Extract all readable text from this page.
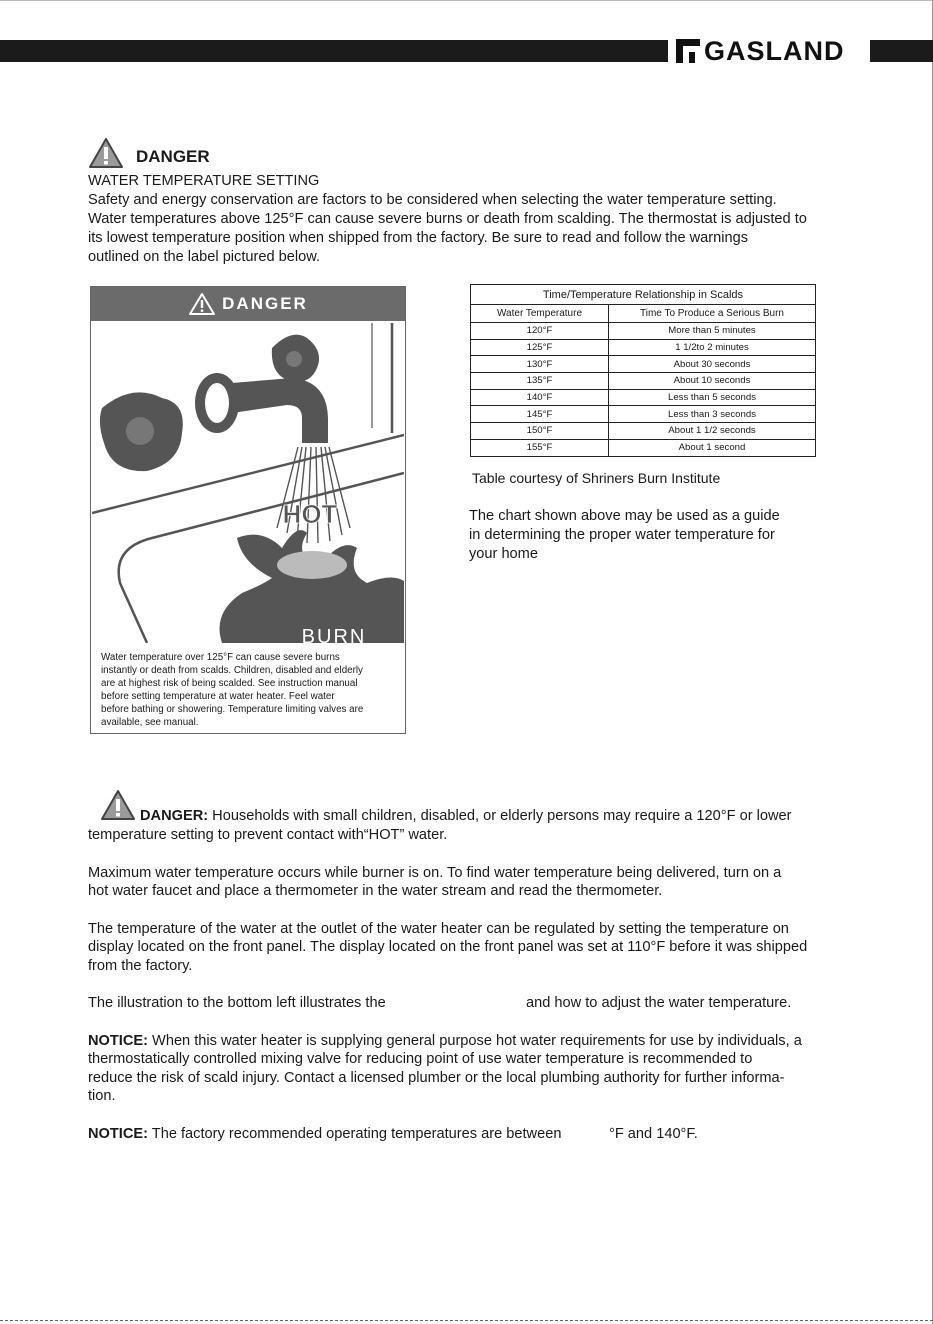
GASLAND
DANGER

WATER TEMPERATURE SETTING

Safety and energy conservation are factors to be considered when selecting the water temperature setting.

Water temperatures above 125°F can cause severe burns or death from scalding. The thermostat is adjusted to

its lowest temperature position when shipped from the factory. Be sure to read and follow the warnings

outlined on the label pictured below.

DANGER
HOT
BURN
Water temperature over 125°F can cause severe burns
instantly or death from scalds. Children, disabled and elderly
are at highest risk of being scalded. See instruction manual
before setting temperature at water heater. Feel water
before bathing or showering. Temperature limiting valves are
available, see manual.
Time/Temperature Relationship in Scalds	
Water Temperature	Time To Produce a Serious Burn
120°F	More than 5 minutes
125°F	1 1/2to 2 minutes
130°F	About 30 seconds
135°F	About 10 seconds
140°F	Less than 5 seconds
145°F	Less than 3 seconds
150°F	About 1 1/2 seconds
155°F	About 1 second
Table courtesy of Shriners Burn Institute
The chart shown above may be used as a guide
in determining the proper water temperature for
your home

DANGER: Households with small children, disabled, or elderly persons may require a 120°F or lower

temperature setting to prevent contact with“HOT” water.

Maximum water temperature occurs while burner is on. To find water temperature being delivered, turn on a

hot water faucet and place a thermometer in the water stream and read the thermometer.

The temperature of the water at the outlet of the water heater can be regulated by setting the temperature on

display located on the front panel. The display located on the front panel was set at 110°F before it was shipped

from the factory.

The illustration to the bottom left illustrates the	and how to adjust the water temperature.

NOTICE: When this water heater is supplying general purpose hot water requirements for use by individuals, a

thermostatically controlled mixing valve for reducing point of use water temperature is recommended to

reduce the risk of scald injury. Contact a licensed plumber or the local plumbing authority for further informa-

tion.

NOTICE: The factory recommended operating temperatures are between	°F and 140°F.
